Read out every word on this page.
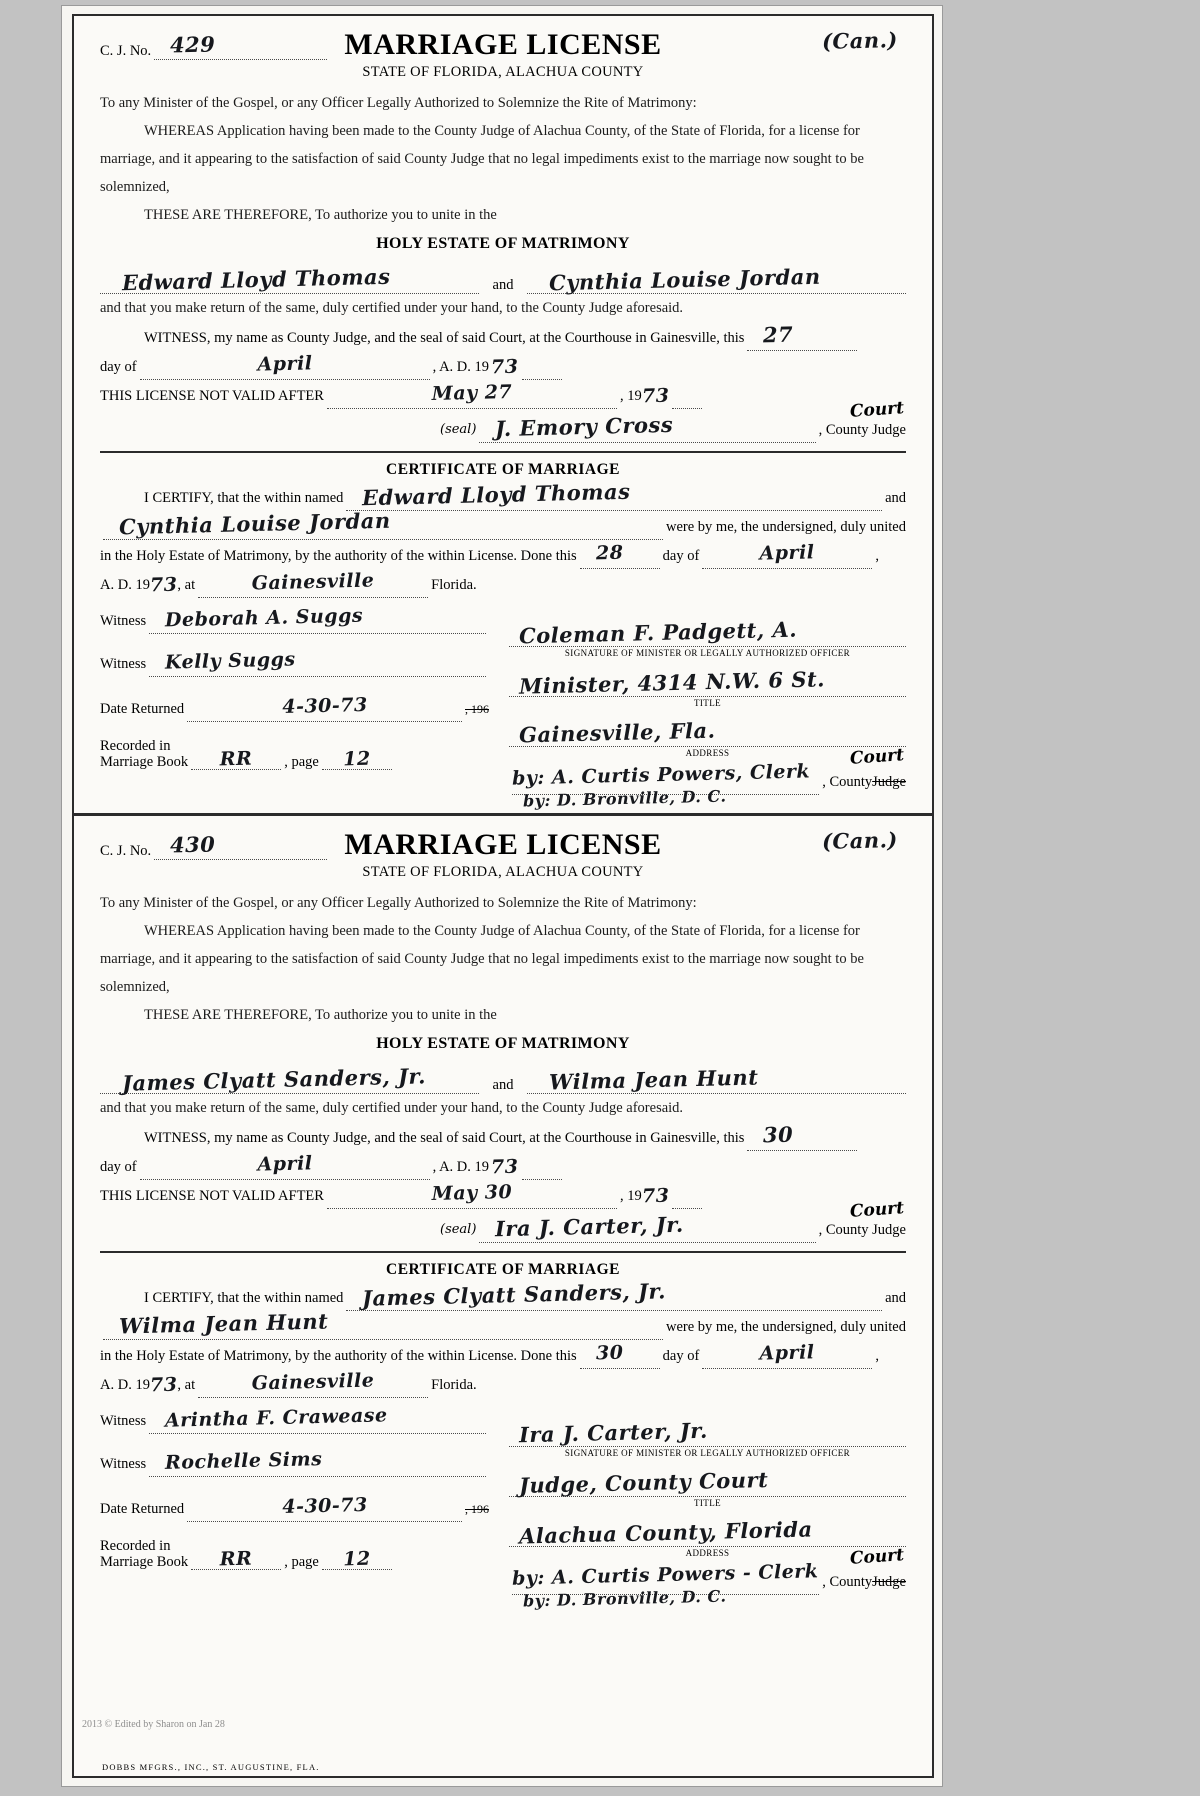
C. J. No. 429	(Can.)
MARRIAGE LICENSE
STATE OF FLORIDA, ALACHUA COUNTY
To any Minister of the Gospel, or any Officer Legally Authorized to Solemnize the Rite of Matrimony:
WHEREAS Application having been made to the County Judge of Alachua County, of the State of Florida, for a license for marriage, and it appearing to the satisfaction of said County Judge that no legal impediments exist to the marriage now sought to be solemnized,
THESE ARE THEREFORE, To authorize you to unite in the
HOLY ESTATE OF MATRIMONY
Edward Lloyd Thomas	and	Cynthia Louise Jordan
and that you make return of the same, duly certified under your hand, to the County Judge aforesaid.
WITNESS, my name as County Judge, and the seal of said Court, at the Courthouse in Gainesville, this 27
day of	April	, A. D. 19 73
THIS LICENSE NOT VALID AFTER	May 27	, 19 73
(seal) J. Emory Cross	, County Judge
Court
CERTIFICATE OF MARRIAGE
I CERTIFY, that the within named Edward Lloyd Thomas	and
Cynthia Louise Jordan	were by me, the undersigned, duly united
in the Holy Estate of Matrimony, by the authority of the within License. Done this 28	day of	April	,
A. D. 19 73 , at	Gainesville	Florida.
Witness Deborah A. Suggs
Witness Kelly Suggs
Date Returned	4-30-73	, 196
Recorded in
Marriage Book RR , page 12
Coleman F. Padgett, A.
SIGNATURE OF MINISTER OR LEGALLY AUTHORIZED OFFICER
Minister, 4314 N.W. 6 St.
TITLE
Gainesville, Fla.
ADDRESS
by: A. Curtis Powers, Clerk , County Judge
Court
by: D. Bronville, D. C.
C. J. No. 430	(Can.)
MARRIAGE LICENSE
STATE OF FLORIDA, ALACHUA COUNTY
To any Minister of the Gospel, or any Officer Legally Authorized to Solemnize the Rite of Matrimony:
WHEREAS Application having been made to the County Judge of Alachua County, of the State of Florida, for a license for marriage, and it appearing to the satisfaction of said County Judge that no legal impediments exist to the marriage now sought to be solemnized,
THESE ARE THEREFORE, To authorize you to unite in the
HOLY ESTATE OF MATRIMONY
James Clyatt Sanders, Jr.	and	Wilma Jean Hunt
and that you make return of the same, duly certified under your hand, to the County Judge aforesaid.
WITNESS, my name as County Judge, and the seal of said Court, at the Courthouse in Gainesville, this 30
day of	April	, A. D. 19 73
THIS LICENSE NOT VALID AFTER	May 30	, 19 73
(seal) Ira J. Carter, Jr.	, County Judge
Court
CERTIFICATE OF MARRIAGE
I CERTIFY, that the within named James Clyatt Sanders, Jr.	and
Wilma Jean Hunt	were by me, the undersigned, duly united
in the Holy Estate of Matrimony, by the authority of the within License. Done this 30	day of	April	,
A. D. 19 73 , at	Gainesville	Florida.
Witness Arintha F. Crawease
Witness Rochelle Sims
Date Returned	4-30-73	, 196
Recorded in
Marriage Book RR , page 12
Ira J. Carter, Jr.
SIGNATURE OF MINISTER OR LEGALLY AUTHORIZED OFFICER
Judge, County Court
TITLE
Alachua County, Florida
ADDRESS
by: A. Curtis Powers - Clerk , County Judge
Court
by: D. Bronville, D. C.
DOBBS MFGRS., INC., ST. AUGUSTINE, FLA.
2013 © Edited by Sharon on Jan 28
